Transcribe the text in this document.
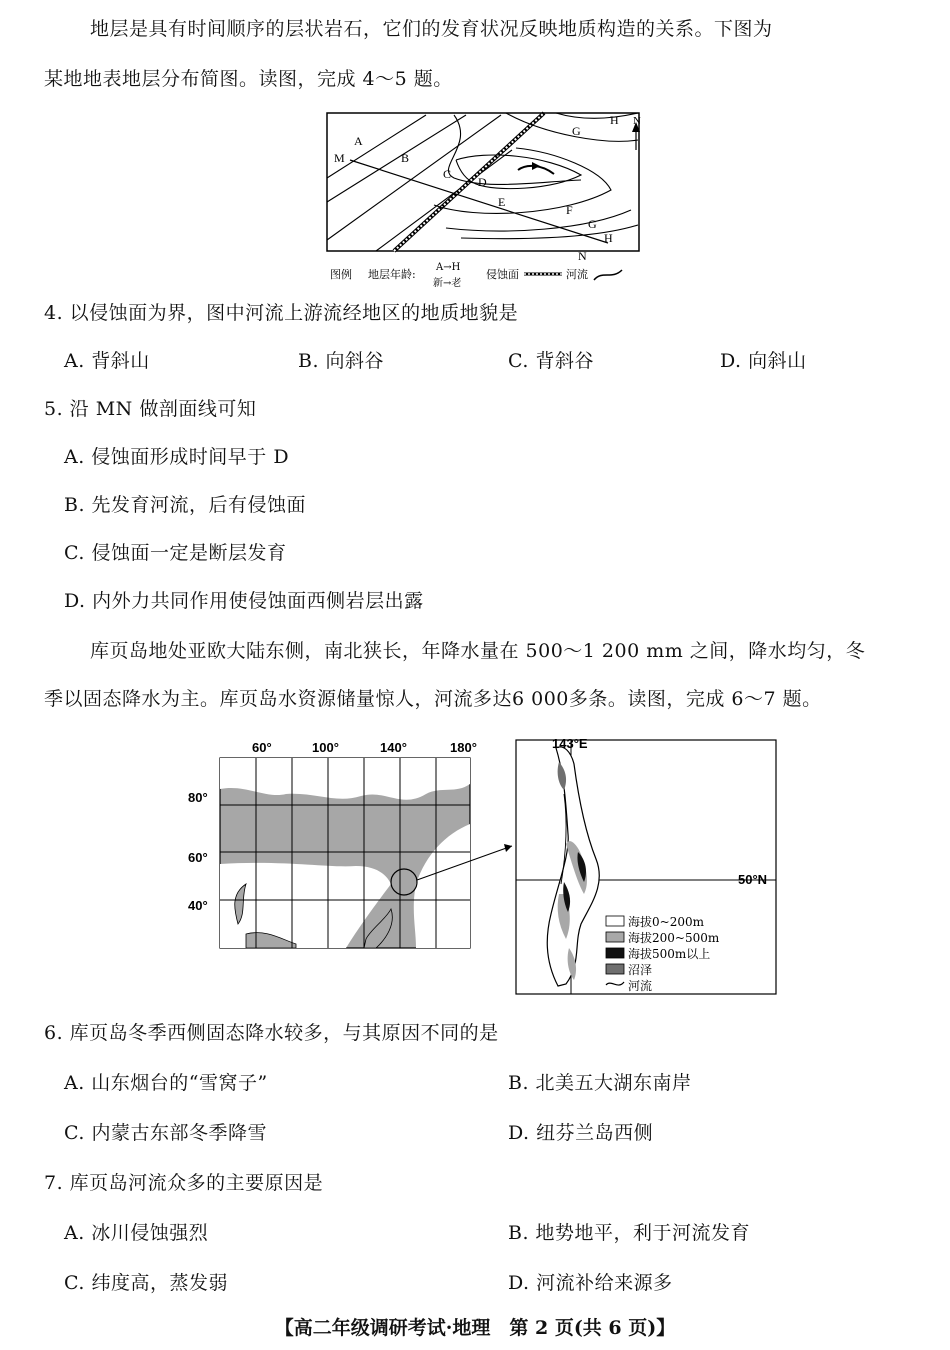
地层是具有时间顺序的层状岩石，它们的发育状况反映地质构造的关系。下图为
某地地表地层分布简图。读图，完成 4～5 题。
A
B
C
D
E
F
G
G
H
H
M
N
N
图例 地层年龄:
A→H
新→老
侵蚀面	河流
4. 以侵蚀面为界，图中河流上游流经地区的地质地貌是
A. 背斜山	B. 向斜谷	C. 背斜谷	D. 向斜山
5. 沿 MN 做剖面线可知
A. 侵蚀面形成时间早于 D
B. 先发育河流，后有侵蚀面
C. 侵蚀面一定是断层发育
D. 内外力共同作用使侵蚀面西侧岩层出露
库页岛地处亚欧大陆东侧，南北狭长，年降水量在 500～1 200 mm 之间，降水均匀，冬
季以固态降水为主。库页岛水资源储量惊人，河流多达6 000多条。读图，完成 6～7 题。
60°	100°	140°	180°
80°
60°
40°
海拔0~200m
海拔200~500m
海拔500m以上
沼泽
河流
143°E
50°N
6. 库页岛冬季西侧固态降水较多，与其原因不同的是
A. 山东烟台的“雪窝子”	B. 北美五大湖东南岸
C. 内蒙古东部冬季降雪	D. 纽芬兰岛西侧
7. 库页岛河流众多的主要原因是
A. 冰川侵蚀强烈	B. 地势地平，利于河流发育
C. 纬度高，蒸发弱	D. 河流补给来源多
【高二年级调研考试·地理　第 2 页(共 6 页)】
